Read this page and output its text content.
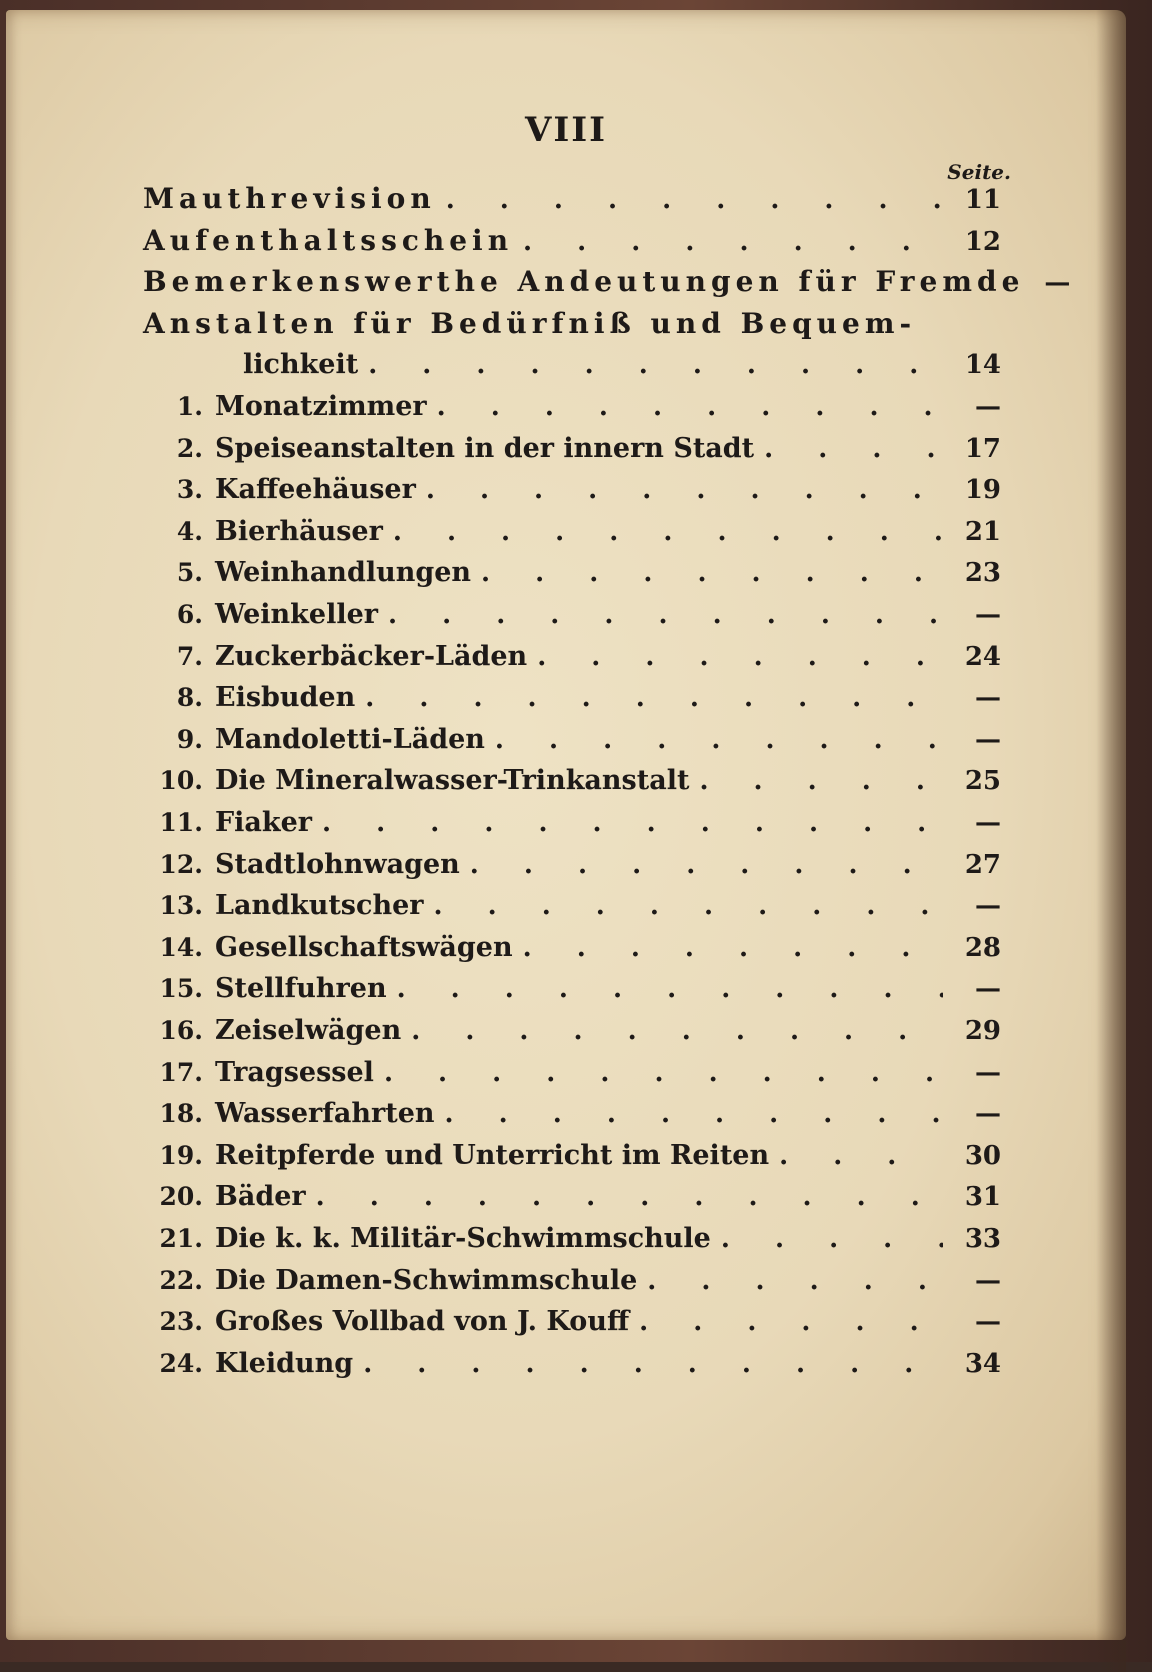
VIII
Seite.
Mauthrevision . . .	11
Aufenthaltsschein . . .	12
Bemerkenswerthe Andeutungen für Fremde —
Anstalten für Bedürfniß und Bequem-
lichkeit . . .	14
1. Monatzimmer . . .	—
2. Speiseanstalten in der innern Stadt . . .	17
3. Kaffeehäuser . . .	19
4. Bierhäuser . . .	21
5. Weinhandlungen . . .	23
6. Weinkeller . . .	—
7. Zuckerbäcker-Läden . . .	24
8. Eisbuden . . .	—
9. Mandoletti-Läden . . .	—
10. Die Mineralwasser-Trinkanstalt . . .	25
11. Fiaker . . .	—
12. Stadtlohnwagen . . .	27
13. Landkutscher . . .	—
14. Gesellschaftswägen . . .	28
15. Stellfuhren . . .	—
16. Zeiselwägen . . .	29
17. Tragsessel . . .	—
18. Wasserfahrten . . .	—
19. Reitpferde und Unterricht im Reiten . . .	30
20. Bäder . . .	31
21. Die k. k. Militär-Schwimmschule . . .	33
22. Die Damen-Schwimmschule . . .	—
23. Großes Vollbad von J. Kouff . . .	—
24. Kleidung . . .	34
